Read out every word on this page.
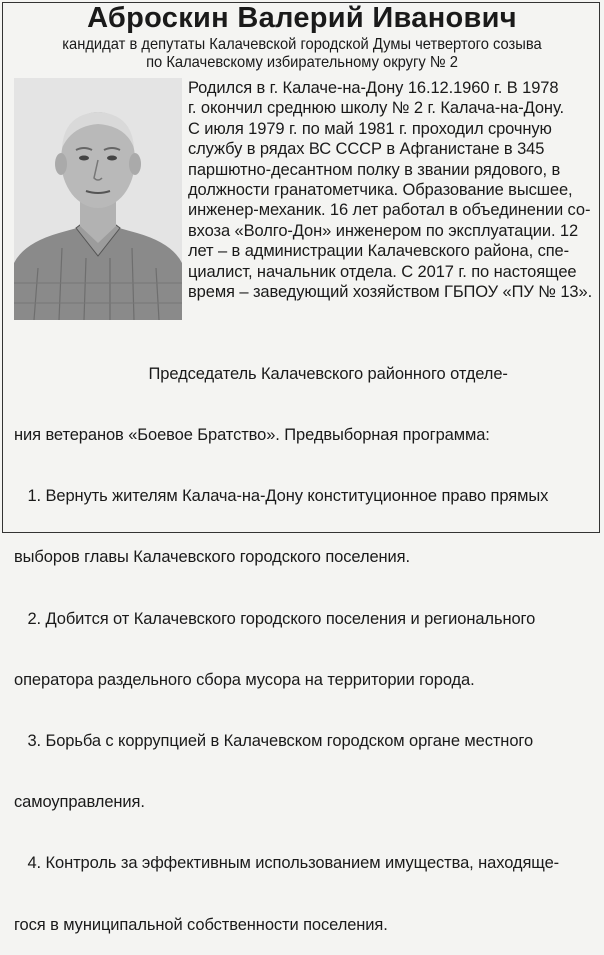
Аброскин Валерий Иванович
кандидат в депутаты Калачевской городской Думы четвертого созыва
по Калачевскому избирательному округу № 2
Родился в г. Калаче-на-Дону 16.12.1960 г. В 1978
г. окончил среднюю школу № 2 г. Калача-на-Дону.
С июля 1979 г. по май 1981 г. проходил срочную
службу в рядах ВС СССР в Афганистане в 345
паршютно-десантном полку в звании рядового, в
должности гранатометчика. Образование высшее,
инженер-механик. 16 лет работал в объединении со-
вхоза «Волго-Дон» инженером по эксплуатации. 12
лет – в администрации Калачевского района, спе-
циалист, начальник отдела. С 2017 г. по настоящее
время – заведующий хозяйством ГБПОУ «ПУ № 13».

Председатель Калачевского районного отделе-

ния ветеранов «Боевое Братство». Предвыборная программа:

1. Вернуть жителям Калача-на-Дону конституционное право прямых

выборов главы Калачевского городского поселения.

2. Добится от Калачевского городского поселения и регионального

оператора раздельного сбора мусора на территории города.

3. Борьба с коррупцией в Калачевском городском органе местного

самоуправления.

4. Контроль за эффективным использованием имущества, находяще-

гося в муниципальной собственности поселения.
